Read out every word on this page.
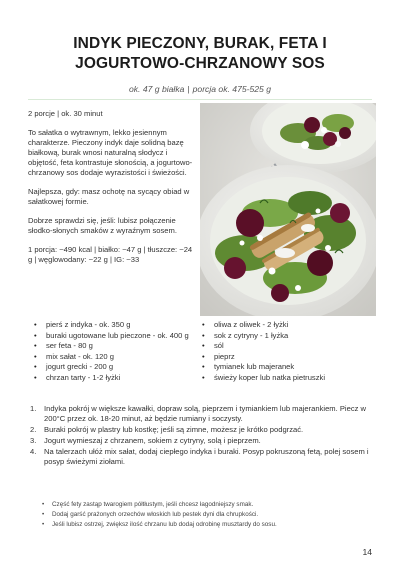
INDYK PIECZONY, BURAK, FETA I JOGURTOWO-CHRZANOWY SOS
ok. 47 g białka | porcja ok. 475-525 g

2 porcje | ok. 30 minut

To sałatka o wytrawnym, lekko jesiennym charakterze. Pieczony indyk daje solidną bazę białkową, burak wnosi naturalną słodycz i objętość, feta kontrastuje słonością, a jogurtowo-chrzanowy sos dodaje wyrazistości i świeżości.

Najlepsza, gdy: masz ochotę na sycący obiad w sałatkowej formie.

Dobrze sprawdzi się, jeśli: lubisz połączenie słodko-słonych smaków z wyraźnym sosem.

1 porcja: ~490 kcal | białko: ~47 g | tłuszcze: ~24 g | węglowodany: ~22 g | IG: ~33

• pierś z indyka - ok. 350 g
• buraki ugotowane lub pieczone - ok. 400 g
• ser feta - 80 g
• mix sałat - ok. 120 g
• jogurt grecki - 200 g
• chrzan tarty - 1-2 łyżki
• oliwa z oliwek - 2 łyżki
• sok z cytryny - 1 łyżka
• sól
• pieprz
• tymianek lub majeranek
• świeży koper lub natka pietruszki
1. Indyka pokrój w większe kawałki, dopraw solą, pieprzem i tymiankiem lub majerankiem. Piecz w 200°C przez ok. 18-20 minut, aż będzie rumiany i soczysty.
2. Buraki pokrój w plastry lub kostkę; jeśli są zimne, możesz je krótko podgrzać.
3. Jogurt wymieszaj z chrzanem, sokiem z cytryny, solą i pieprzem.
4. Na talerzach ułóż mix sałat, dodaj ciepłego indyka i buraki. Posyp pokruszoną fetą, polej sosem i posyp świeżymi ziołami.
• Część fety zastąp twarogiem półtłustym, jeśli chcesz łagodniejszy smak.
• Dodaj garść prażonych orzechów włoskich lub pestek dyni dla chrupkości.
• Jeśli lubisz ostrzej, zwiększ ilość chrzanu lub dodaj odrobinę musztardy do sosu.
14
